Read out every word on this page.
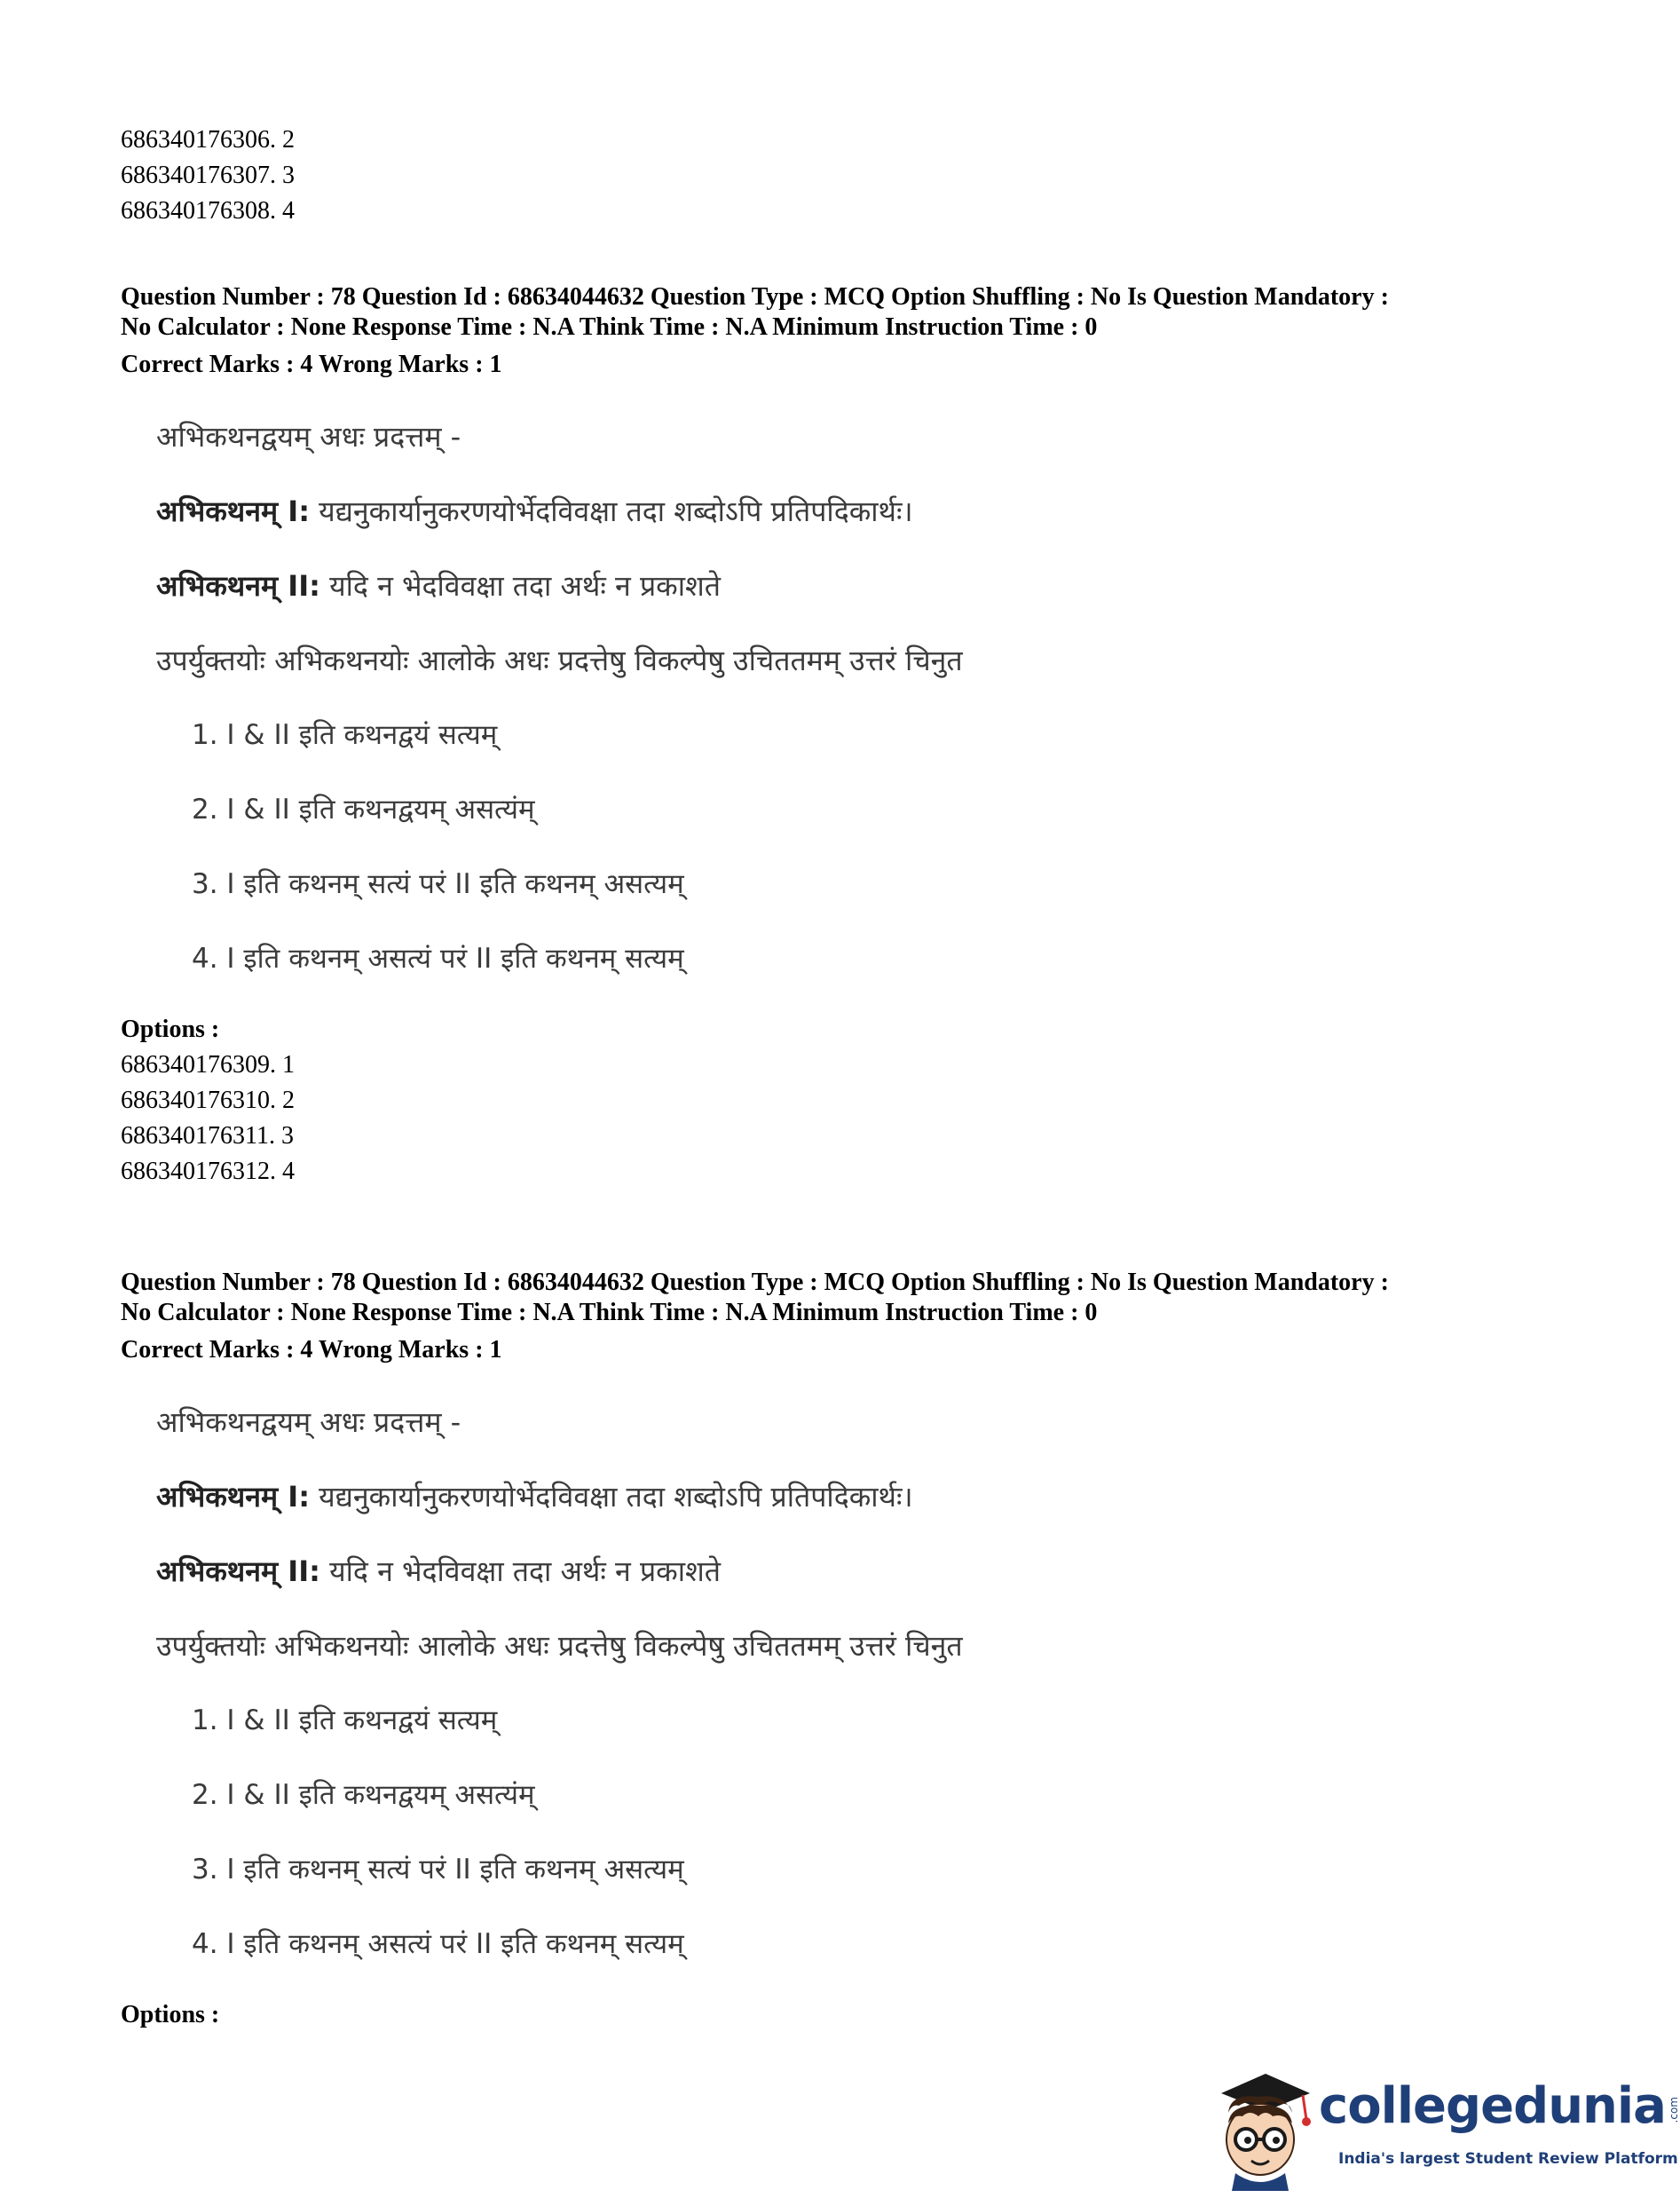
686340176306. 2
686340176307. 3
686340176308. 4
Question Number : 78 Question Id : 68634044632 Question Type : MCQ Option Shuffling : No Is Question Mandatory :
No Calculator : None Response Time : N.A Think Time : N.A Minimum Instruction Time : 0
Correct Marks : 4 Wrong Marks : 1
अभिकथनद्वयम् अधः प्रदत्तम् -
अभिकथनम् I: यद्यनुकार्यानुकरणयोर्भेदविवक्षा तदा शब्दोऽपि प्रतिपदिकार्थः।
अभिकथनम् II: यदि न भेदविवक्षा तदा अर्थः न प्रकाशते
उपर्युक्तयोः अभिकथनयोः आलोके अधः प्रदत्तेषु विकल्पेषु उचिततमम् उत्तरं चिनुत
1. I & II इति कथनद्वयं सत्यम्
2. I & II इति कथनद्वयम् असत्यंम्
3. I इति कथनम् सत्यं परं II इति कथनम् असत्यम्
4. I इति कथनम् असत्यं परं II इति कथनम् सत्यम्
Options :
686340176309. 1
686340176310. 2
686340176311. 3
686340176312. 4
Question Number : 78 Question Id : 68634044632 Question Type : MCQ Option Shuffling : No Is Question Mandatory :
No Calculator : None Response Time : N.A Think Time : N.A Minimum Instruction Time : 0
Correct Marks : 4 Wrong Marks : 1
अभिकथनद्वयम् अधः प्रदत्तम् -
अभिकथनम् I: यद्यनुकार्यानुकरणयोर्भेदविवक्षा तदा शब्दोऽपि प्रतिपदिकार्थः।
अभिकथनम् II: यदि न भेदविवक्षा तदा अर्थः न प्रकाशते
उपर्युक्तयोः अभिकथनयोः आलोके अधः प्रदत्तेषु विकल्पेषु उचिततमम् उत्तरं चिनुत
1. I & II इति कथनद्वयं सत्यम्
2. I & II इति कथनद्वयम् असत्यंम्
3. I इति कथनम् सत्यं परं II इति कथनम् असत्यम्
4. I इति कथनम् असत्यं परं II इति कथनम् सत्यम्
Options :
collegedunia .com
India's largest Student Review Platform
